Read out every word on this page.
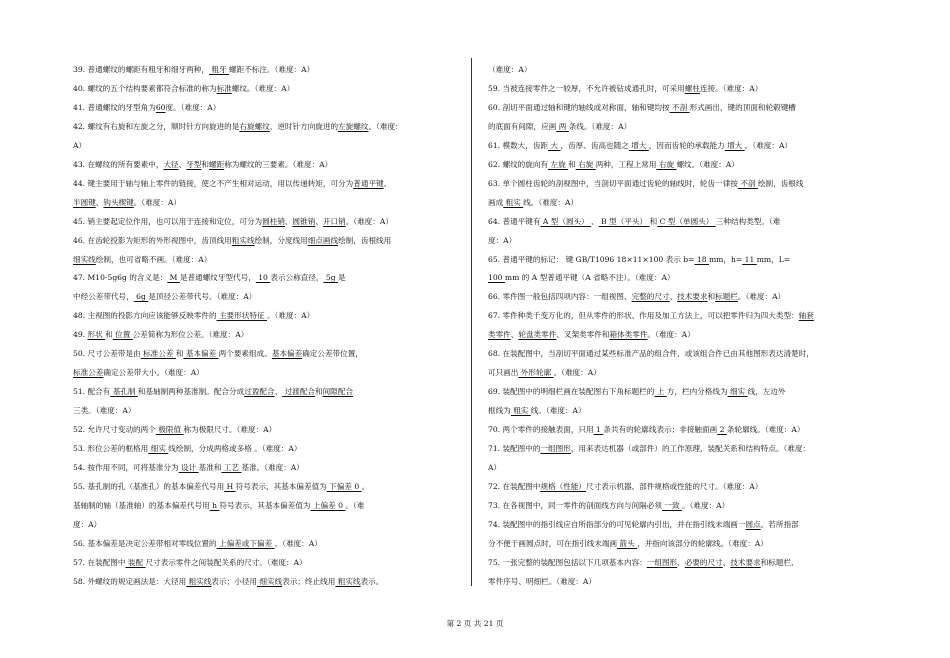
39. 普通螺纹的螺距有粗牙和细牙两种， 粗牙 螺距不标注。（难度：A）

40. 螺纹的五个结构要素都符合标准的称为标准螺纹。（难度：A）

41. 普通螺纹的牙型角为60度。（难度：A）

42. 螺纹有右旋和左旋之分，顺时针方向旋进的是右旋螺纹，逆时针方向旋进的左旋螺纹。（难度：

A）

43. 在螺纹的所有要素中，大径、牙型和螺距称为螺纹的三要素。（难度：A）

44. 键主要用于轴与轴上零件的链接，使之不产生相对运动，用以传递转矩，可分为普通平键、

半圆键、钩头楔键。（难度：A）

45. 销主要起定位作用，也可以用于连接和定位，可分为圆柱销、圆锥销、开口销。（难度：A）

46. 在齿轮投影为矩形的外形视图中，齿顶线用粗实线绘制，分度线用细点画线绘制，齿根线用

细实线绘制，也可省略不画。（难度：A）

47. M10-5g6g 的含义是： M 是普通螺纹牙型代号， 10 表示公称直径， 5g 是

中经公差带代号， 6g 是顶径公差带代号。（难度：A）

48. 主视图的投影方向应该能够反映零件的 主要形状特征 。（难度：A）

49. 形状 和 位置 公差简称为形位公差。（难度：A）

50. 尺寸公差带是由 标准公差 和 基本偏差 两个要素组成。基本偏差确定公差带位置，

标准公差确定公差带大小。（难度：A）

51. 配合有 基孔制 和基轴制两种基准制。配合分成过盈配合、 过渡配合和间隙配合

三类。（难度：A）

52. 允许尺寸变动的两个 极限值 称为极限尺寸。（难度：A）

53. 形位公差的框格用 细实 线绘制，分成两格或多格 。（难度：A）

54. 按作用不同，可将基准分为 设计 基准和 工艺 基准。（难度：A）

55. 基孔制的孔（基准孔）的基本偏差代号用 H 符号表示，其基本偏差值为 下偏差 0 。

基轴制的轴（基准轴）的基本偏差代号用 h 符号表示，其基本偏差值为 上偏差 0 。（难

度：A）

56. 基本偏差是决定公差带相对零线位置的 上偏差或下偏差 。（难度：A）

57. 在装配图中 装配 尺寸表示零件之间装配关系的尺寸。（难度：A）

58. 外螺纹的规定画法是：大径用 粗实线表示；小径用 细实线表示；终止线用 粗实线表示。

（难度：A）

59. 当被连接零件之一较厚，不允许被钻成通孔时，可采用螺柱连接。（难度：A）

60. 剖切平面通过轴和键的轴线或对称面，轴和键均按 不剖 形式画出，键的顶面和轮毂键槽

的底面有间隙，应画 两 条线。（难度：A）

61. 模数大，齿距 大 ，齿厚、齿高也随之 增大 ，因而齿轮的承载能力 增大 。（难度：A）

62. 螺纹的旋向有 左旋 和 右旋 两种，工程上常用 右旋 螺纹。（难度：A）

63. 单个圆柱齿轮的剖视图中，当剖切平面通过齿轮的轴线时，轮齿一律按 不剖 绘制，齿根线

画成 粗实 线。（难度：A）

64. 普通平键有 A 型（圆头） 、 B 型（平头） 和 C 型（单圆头） 三种结构类型。（难

度：A）

65. 普通平键的标记： 键 GB/T1096 18×11×100 表示 b= 18 mm，h= 11 mm，L=

100 mm 的 A 型普通平键（A 省略不注）。（难度：A）

66. 零件图一般包括四项内容：一组视图、完整的尺寸、技术要求和标题栏。（难度：A）

67. 零件种类千变万化的，但从零件的形状、作用及加工方法上，可以把零件归为四大类型：轴套

类零件、轮盘类零件、叉架类零件和箱体类零件。（难度：A）

68. 在装配图中，当剖切平面通过某些标准产品的组合件，或该组合件已由其他图形表达清楚时，

可只画出 外形轮廓 。（难度：A）

69. 装配图中的明细栏画在装配图右下角标题栏的 上 方，栏内分格线为 细实 线，左边外

框线为 粗实 线。（难度：A）

70. 两个零件的接触表面，只用 1 条共有的轮廓线表示；非接触面画 2 条轮廓线。（难度：A）

71. 装配图中的一组图形，用来表达机器（或部件）的工作原理、装配关系和结构特点。（难度：

A）

72. 在装配图中规格（性能）尺寸表示机器、部件规格或性能的尺寸。（难度：A）

73. 在各视图中，同一零件的剖面线方向与间隔必须 一致 。（难度：A）

74. 装配图中的指引线应自所指部分的可见轮廓内引出，并在指引线末端画一圆点。若所指部

分不便于画圆点时，可在指引线末端画 箭头 ，并指向该部分的轮廓线。（难度：A）

75. 一张完整的装配图包括以下几项基本内容：一组图形、必要的尺寸、技术要求和标题栏、

零件序号、明细栏。（难度：A）

第 2 页 共 21 页
